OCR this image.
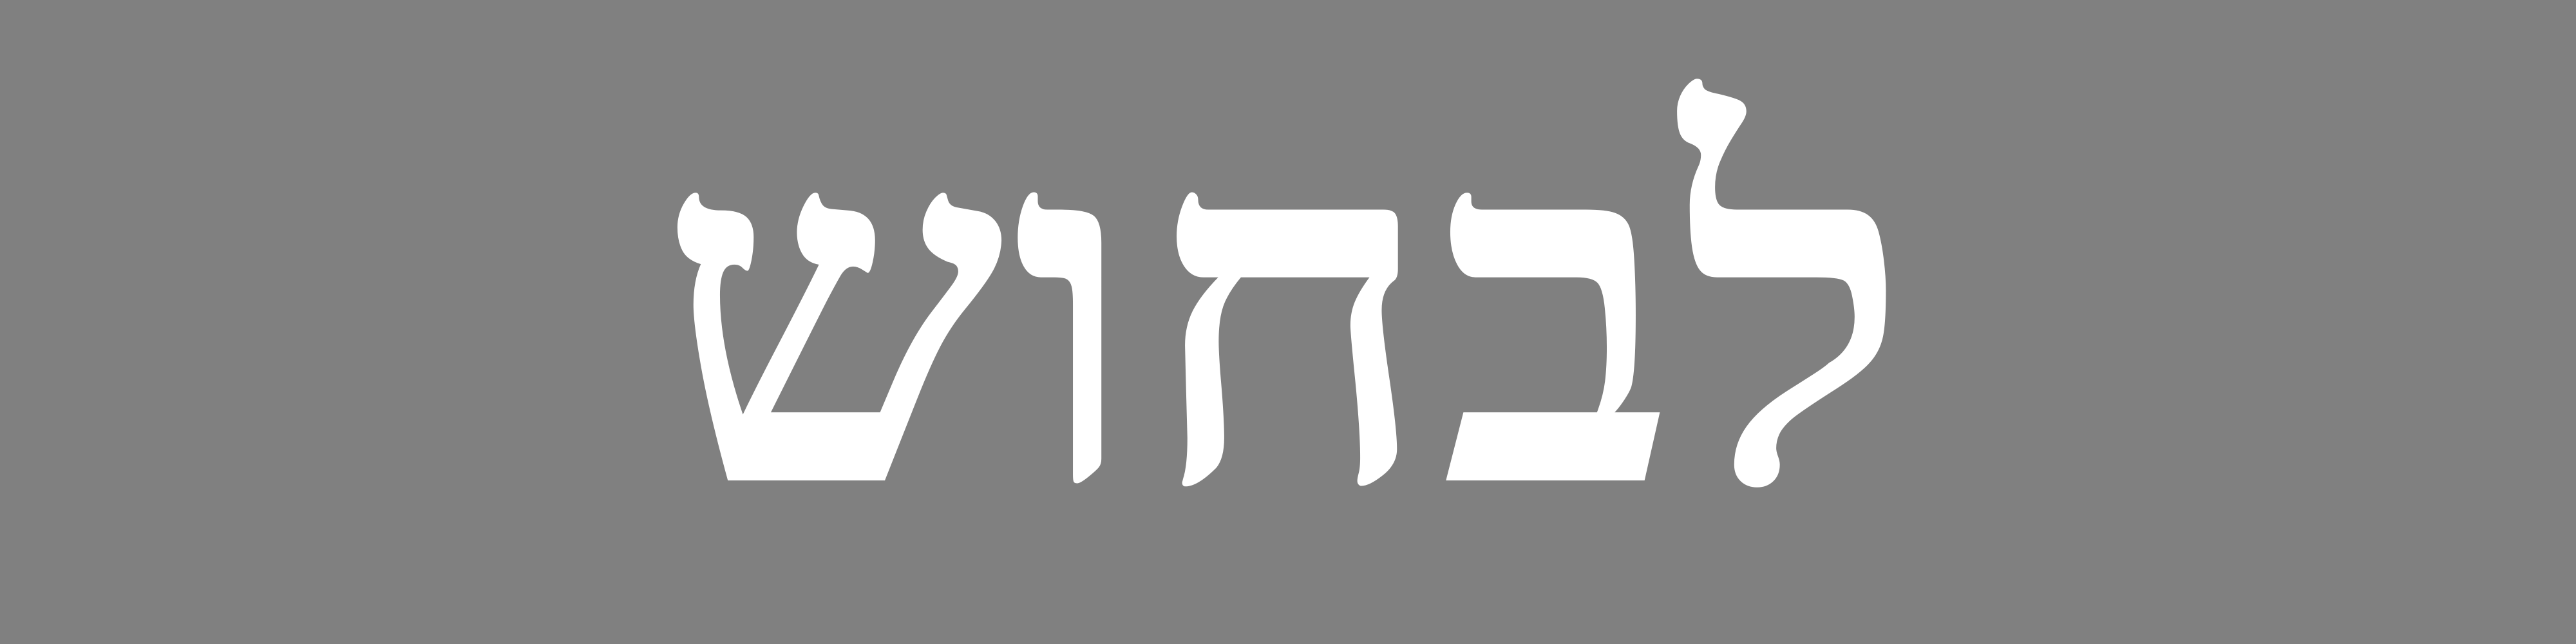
לבחוש
